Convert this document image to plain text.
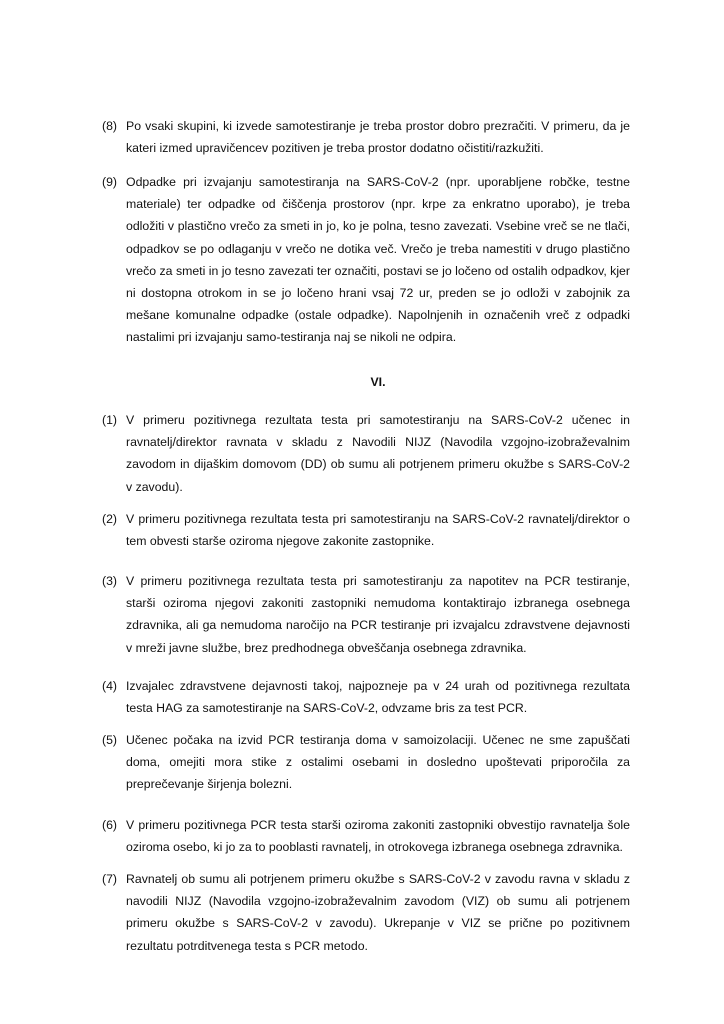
(8) Po vsaki skupini, ki izvede samotestiranje je treba prostor dobro prezračiti. V primeru, da je kateri izmed upravičencev pozitiven je treba prostor dodatno očistiti/razkužiti.
(9) Odpadke pri izvajanju samotestiranja na SARS-CoV-2 (npr. uporabljene robčke, testne materiale) ter odpadke od čiščenja prostorov (npr. krpe za enkratno uporabo), je treba odložiti v plastično vrečo za smeti in jo, ko je polna, tesno zavezati. Vsebine vreč se ne tlači, odpadkov se po odlaganju v vrečo ne dotika več. Vrečo je treba namestiti v drugo plastično vrečo za smeti in jo tesno zavezati ter označiti, postavi se jo ločeno od ostalih odpadkov, kjer ni dostopna otrokom in se jo ločeno hrani vsaj 72 ur, preden se jo odloži v zabojnik za mešane komunalne odpadke (ostale odpadke). Napolnjenih in označenih vreč z odpadki nastalimi pri izvajanju samo-testiranja naj se nikoli ne odpira.
VI.
(1) V primeru pozitivnega rezultata testa pri samotestiranju na SARS-CoV-2 učenec in ravnatelj/direktor ravnata v skladu z Navodili NIJZ (Navodila vzgojno-izobraževalnim zavodom in dijaškim domovom (DD) ob sumu ali potrjenem primeru okužbe s SARS-CoV-2 v zavodu).
(2) V primeru pozitivnega rezultata testa pri samotestiranju na SARS-CoV-2 ravnatelj/direktor o tem obvesti starše oziroma njegove zakonite zastopnike.
(3) V primeru pozitivnega rezultata testa pri samotestiranju za napotitev na PCR testiranje, starši oziroma njegovi zakoniti zastopniki nemudoma kontaktirajo izbranega osebnega zdravnika, ali ga nemudoma naročijo na PCR testiranje pri izvajalcu zdravstvene dejavnosti v mreži javne službe, brez predhodnega obveščanja osebnega zdravnika.
(4) Izvajalec zdravstvene dejavnosti takoj, najpozneje pa v 24 urah od pozitivnega rezultata testa HAG za samotestiranje na SARS-CoV-2, odvzame bris za test PCR.
(5) Učenec počaka na izvid PCR testiranja doma v samoizolaciji. Učenec ne sme zapuščati doma, omejiti mora stike z ostalimi osebami in dosledno upoštevati priporočila za preprečevanje širjenja bolezni.
(6) V primeru pozitivnega PCR testa starši oziroma zakoniti zastopniki obvestijo ravnatelja šole oziroma osebo, ki jo za to pooblasti ravnatelj, in otrokovega izbranega osebnega zdravnika.
(7) Ravnatelj ob sumu ali potrjenem primeru okužbe s SARS-CoV-2 v zavodu ravna v skladu z navodili NIJZ (Navodila vzgojno-izobraževalnim zavodom (VIZ) ob sumu ali potrjenem primeru okužbe s SARS-CoV-2 v zavodu). Ukrepanje v VIZ se prične po pozitivnem rezultatu potrditvenega testa s PCR metodo.
